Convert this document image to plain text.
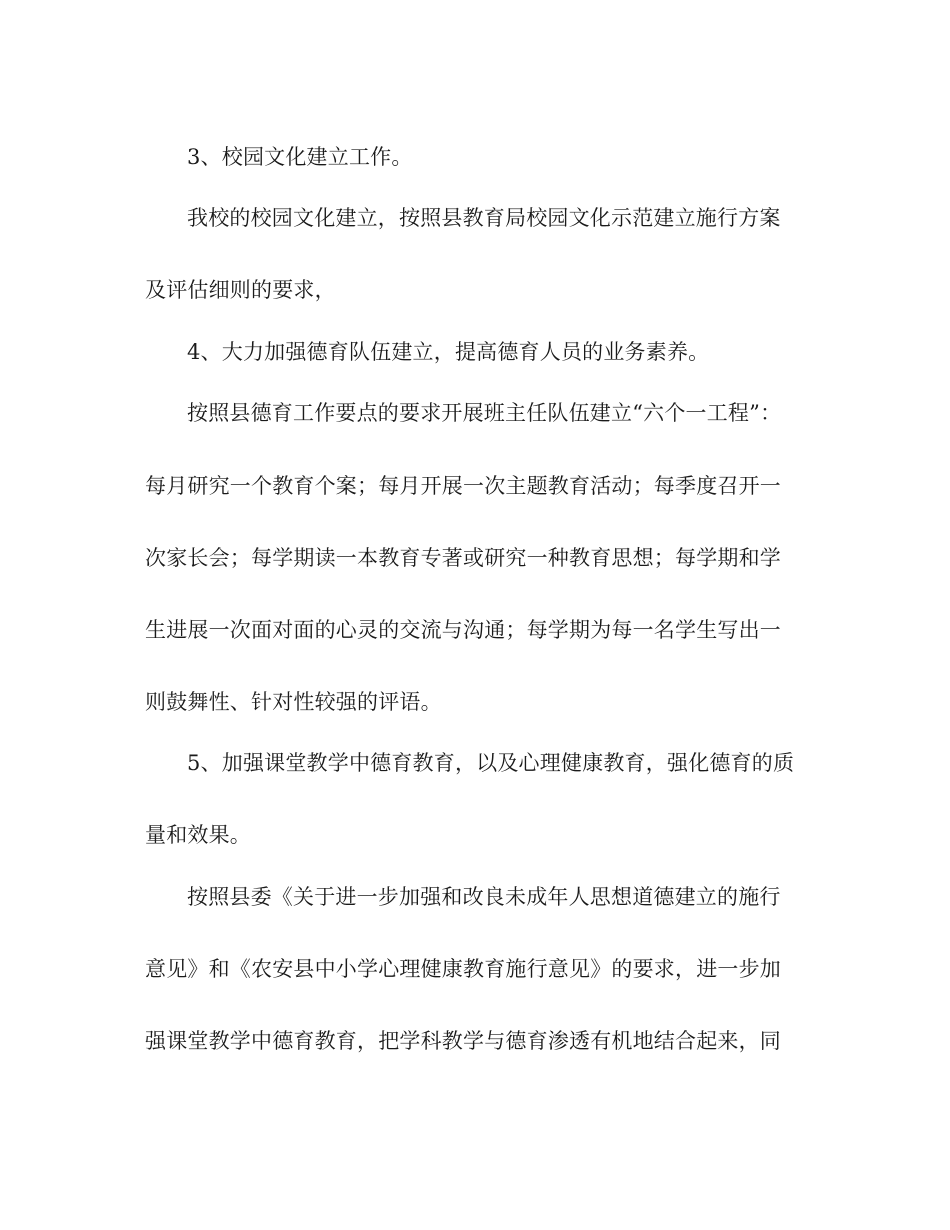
3、校园文化建立工作。
我校的校园文化建立，按照县教育局校园文化示范建立施行方案
及评估细则的要求，
4、大力加强德育队伍建立，提高德育人员的业务素养。
按照县德育工作要点的要求开展班主任队伍建立“六个一工程”：
每月研究一个教育个案；每月开展一次主题教育活动；每季度召开一
次家长会；每学期读一本教育专著或研究一种教育思想；每学期和学
生进展一次面对面的心灵的交流与沟通；每学期为每一名学生写出一
则鼓舞性、针对性较强的评语。
5、加强课堂教学中德育教育，以及心理健康教育，强化德育的质
量和效果。
按照县委《关于进一步加强和改良未成年人思想道德建立的施行
意见》和《农安县中小学心理健康教育施行意见》的要求，进一步加
强课堂教学中德育教育，把学科教学与德育渗透有机地结合起来，同
